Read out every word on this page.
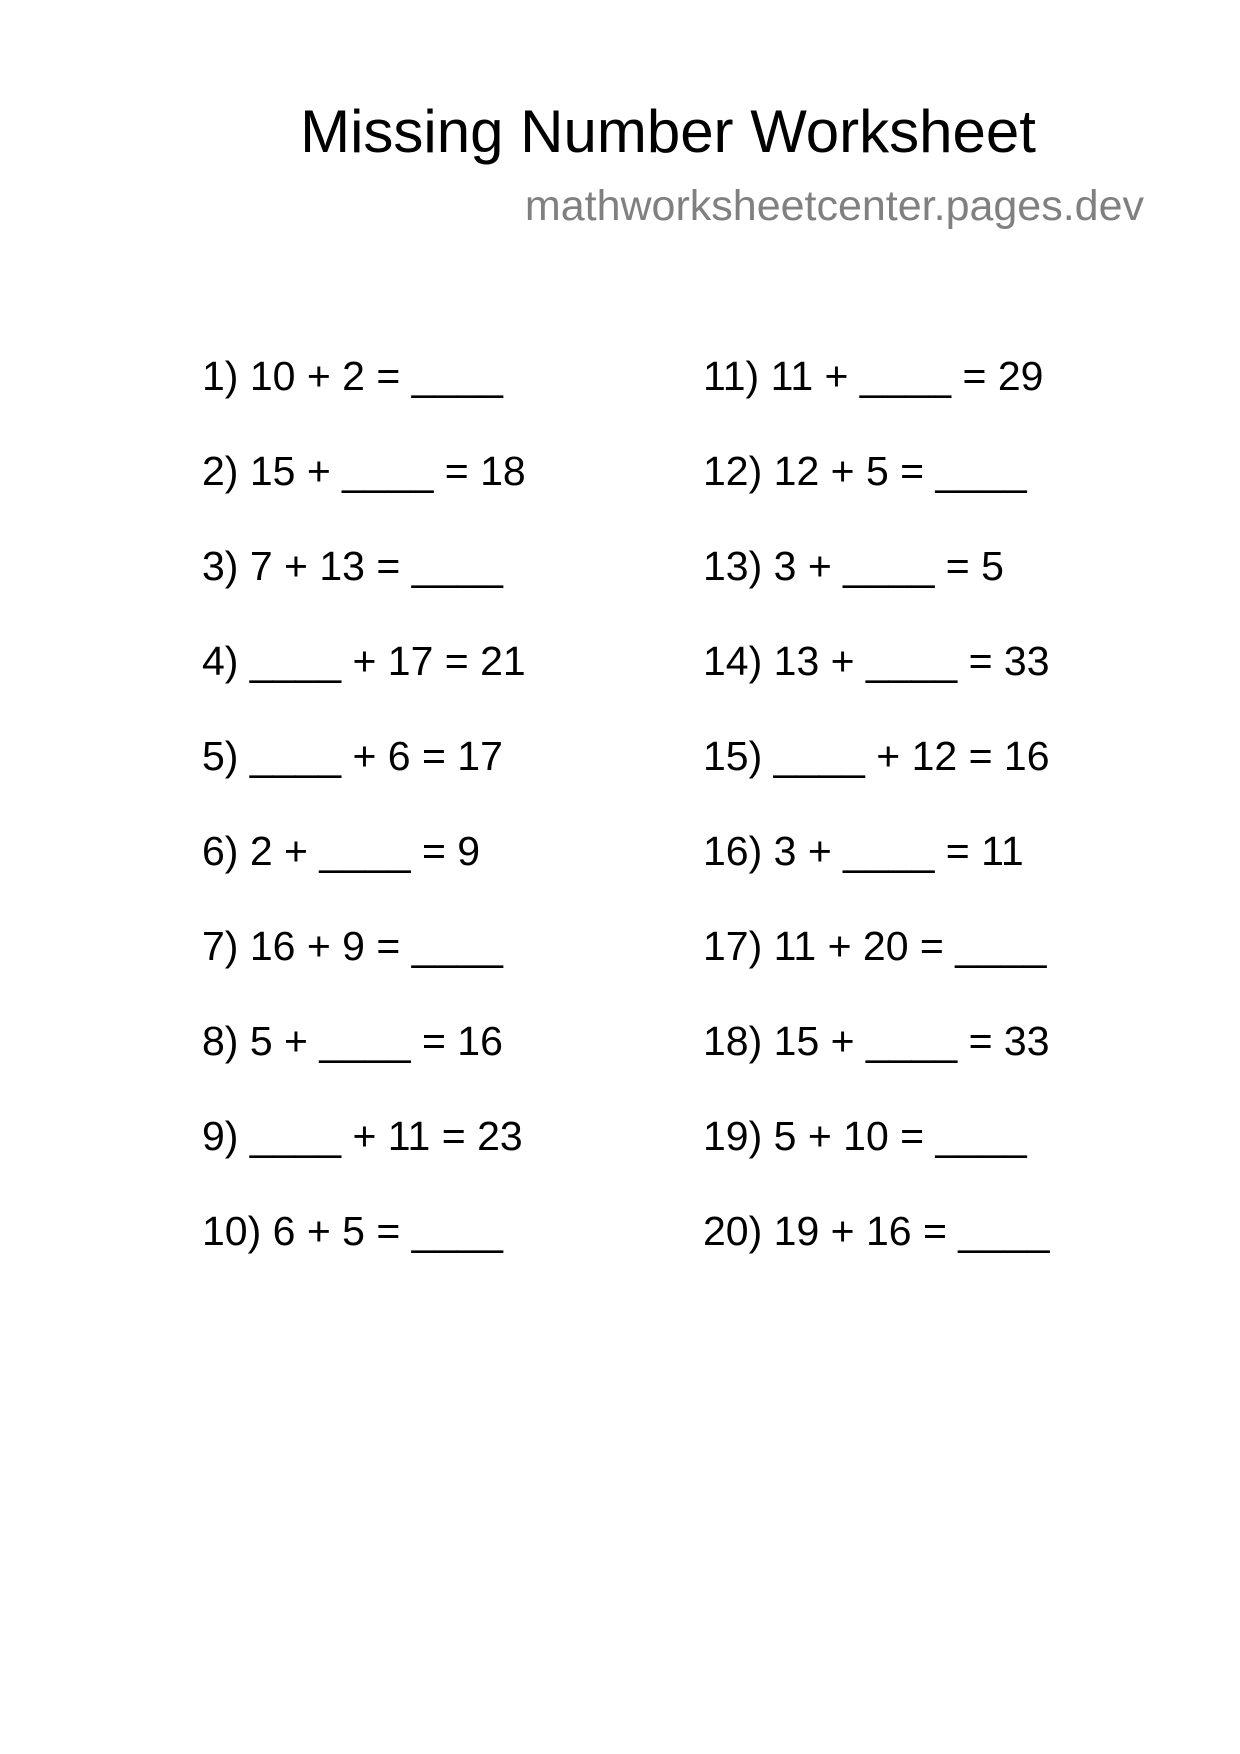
Missing Number Worksheet
mathworksheetcenter.pages.dev
1) 10 + 2 = ____
2) 15 + ____ = 18
3) 7 + 13 = ____
4) ____ + 17 = 21
5) ____ + 6 = 17
6) 2 + ____ = 9
7) 16 + 9 = ____
8) 5 + ____ = 16
9) ____ + 11 = 23
10) 6 + 5 = ____
11) 11 + ____ = 29
12) 12 + 5 = ____
13) 3 + ____ = 5
14) 13 + ____ = 33
15) ____ + 12 = 16
16) 3 + ____ = 11
17) 11 + 20 = ____
18) 15 + ____ = 33
19) 5 + 10 = ____
20) 19 + 16 = ____
